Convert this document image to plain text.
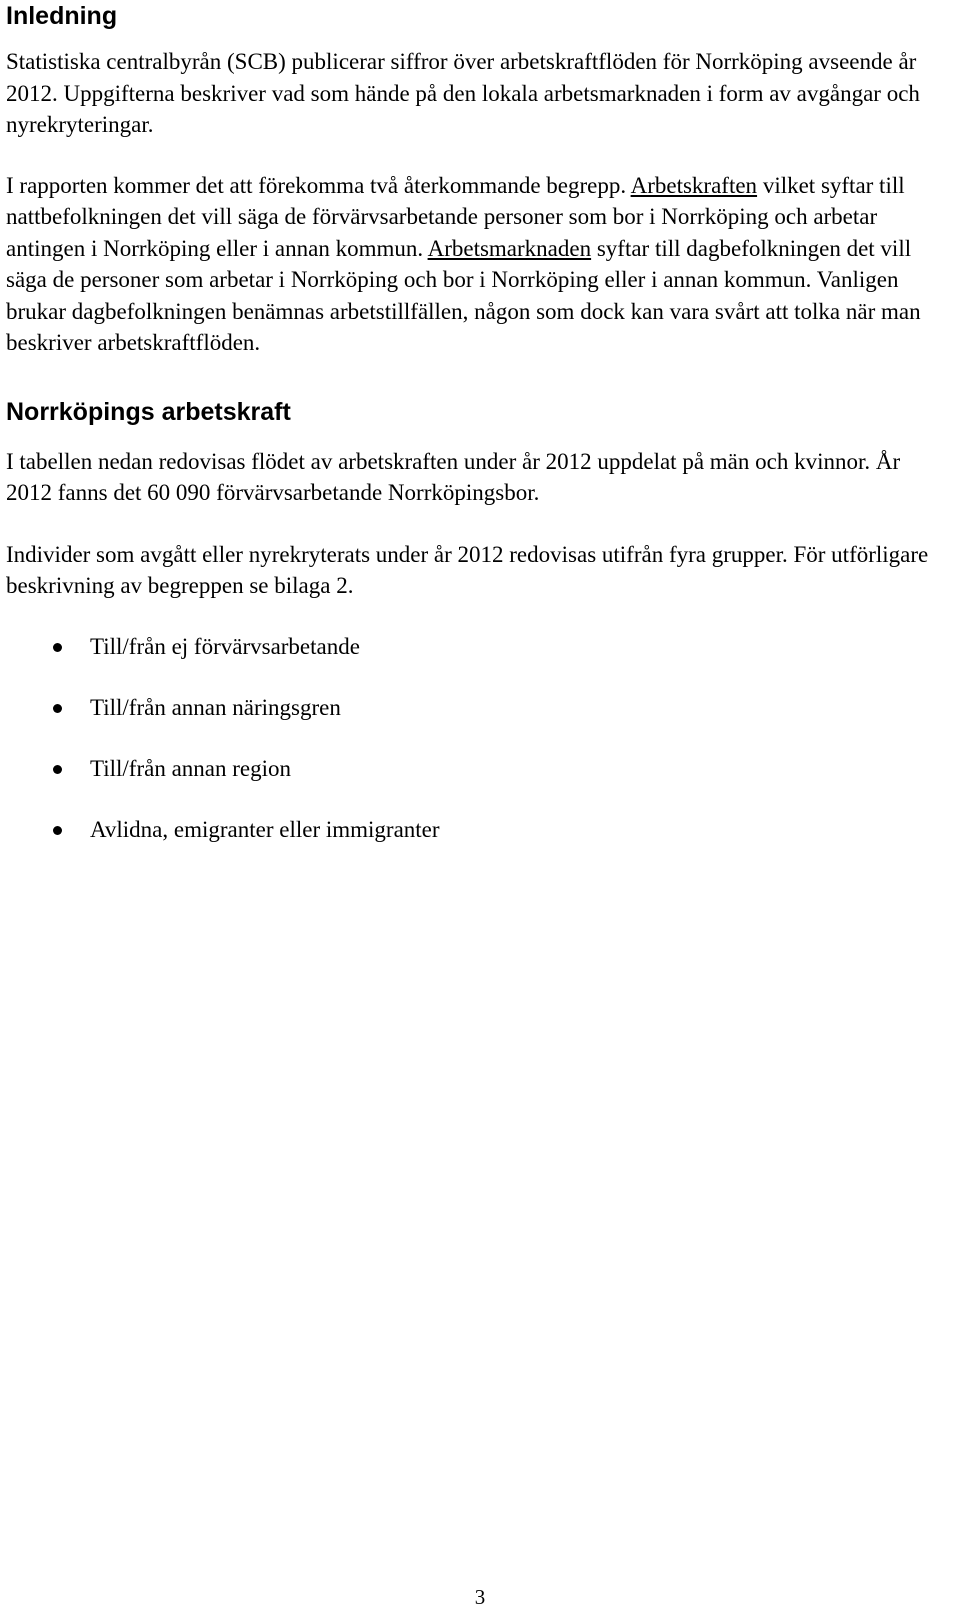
Inledning

Statistiska centralbyrån (SCB) publicerar siffror över arbetskraftflöden för Norrköping avseende år 2012. Uppgifterna beskriver vad som hände på den lokala arbetsmarknaden i form av avgångar och nyrekryteringar.

I rapporten kommer det att förekomma två återkommande begrepp. Arbetskraften vilket syftar till nattbefolkningen det vill säga de förvärvsarbetande personer som bor i Norrköping och arbetar antingen i Norrköping eller i annan kommun. Arbetsmarknaden syftar till dagbefolkningen det vill säga de personer som arbetar i Norrköping och bor i Norrköping eller i annan kommun. Vanligen brukar dagbefolkningen benämnas arbetstillfällen, någon som dock kan vara svårt att tolka när man beskriver arbetskraftflöden.

Norrköpings arbetskraft

I tabellen nedan redovisas flödet av arbetskraften under år 2012 uppdelat på män och kvinnor. År 2012 fanns det 60 090 förvärvsarbetande Norrköpingsbor.

Individer som avgått eller nyrekryterats under år 2012 redovisas utifrån fyra grupper. För utförligare beskrivning av begreppen se bilaga 2.

Till/från ej förvärvsarbetande
Till/från annan näringsgren
Till/från annan region
Avlidna, emigranter eller immigranter
3
